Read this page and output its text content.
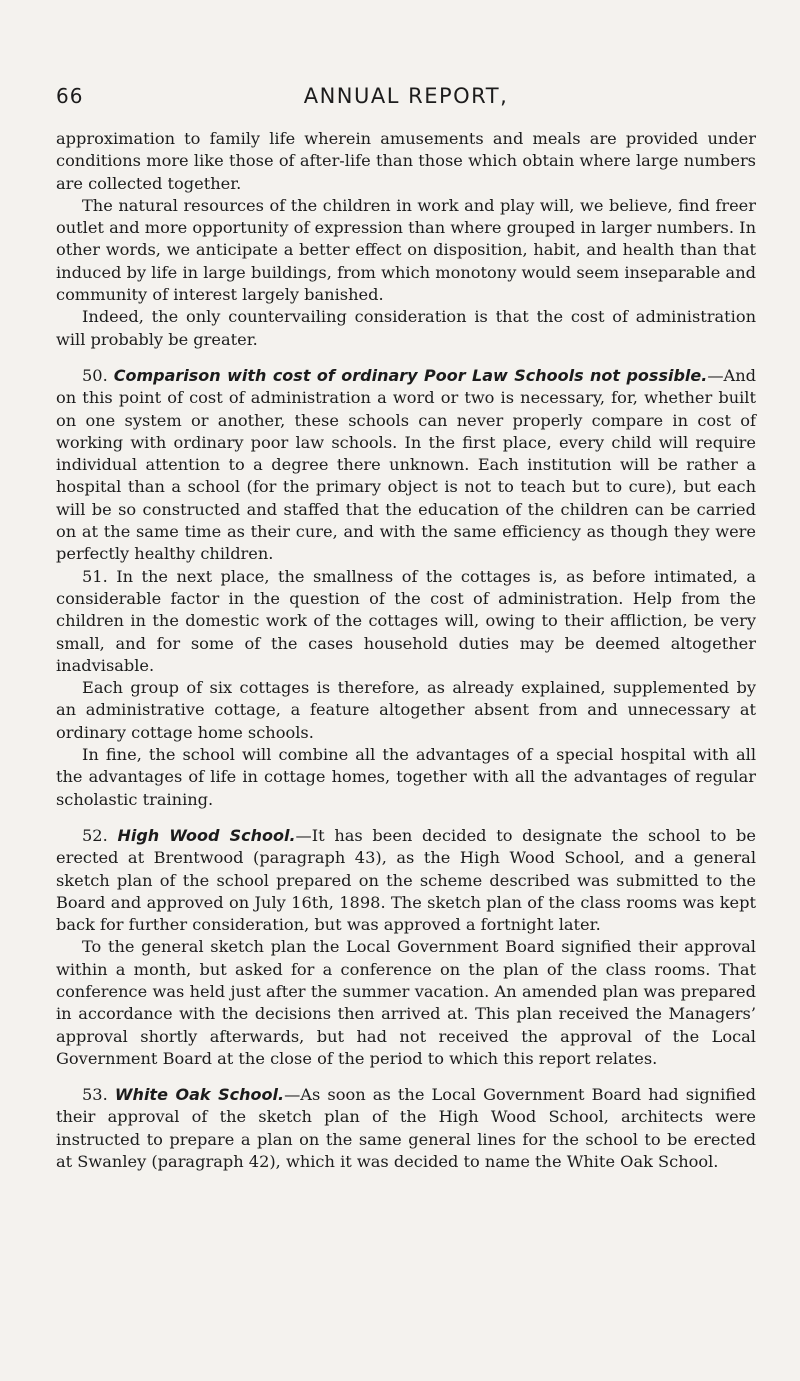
66	ANNUAL REPORT,

approximation to family life wherein amusements and meals are provided under conditions more like those of after-life than those which obtain where large numbers are collected together.

The natural resources of the children in work and play will, we believe, find freer outlet and more opportunity of expression than where grouped in larger numbers. In other words, we anticipate a better effect on disposition, habit, and health than that induced by life in large buildings, from which monotony would seem inseparable and community of interest largely banished.

Indeed, the only countervailing consideration is that the cost of administration will probably be greater.

50. Comparison with cost of ordinary Poor Law Schools not possible.—And on this point of cost of administration a word or two is necessary, for, whether built on one system or another, these schools can never properly compare in cost of working with ordinary poor law schools. In the first place, every child will require individual attention to a degree there unknown. Each institution will be rather a hospital than a school (for the primary object is not to teach but to cure), but each will be so constructed and staffed that the education of the children can be carried on at the same time as their cure, and with the same efficiency as though they were perfectly healthy children.

51. In the next place, the smallness of the cottages is, as before intimated, a considerable factor in the question of the cost of administration. Help from the children in the domestic work of the cottages will, owing to their affliction, be very small, and for some of the cases household duties may be deemed altogether inadvisable.

Each group of six cottages is therefore, as already explained, supplemented by an administrative cottage, a feature altogether absent from and unnecessary at ordinary cottage home schools.

In fine, the school will combine all the advantages of a special hospital with all the advantages of life in cottage homes, together with all the advantages of regular scholastic training.

52. High Wood School.—It has been decided to designate the school to be erected at Brentwood (paragraph 43), as the High Wood School, and a general sketch plan of the school prepared on the scheme described was submitted to the Board and approved on July 16th, 1898. The sketch plan of the class rooms was kept back for further consideration, but was approved a fortnight later.

To the general sketch plan the Local Government Board signified their approval within a month, but asked for a conference on the plan of the class rooms. That conference was held just after the summer vacation. An amended plan was prepared in accordance with the decisions then arrived at. This plan received the Managers’ approval shortly afterwards, but had not received the approval of the Local Government Board at the close of the period to which this report relates.

53. White Oak School.—As soon as the Local Government Board had signified their approval of the sketch plan of the High Wood School, architects were instructed to prepare a plan on the same general lines for the school to be erected at Swanley (paragraph 42), which it was decided to name the White Oak School.
